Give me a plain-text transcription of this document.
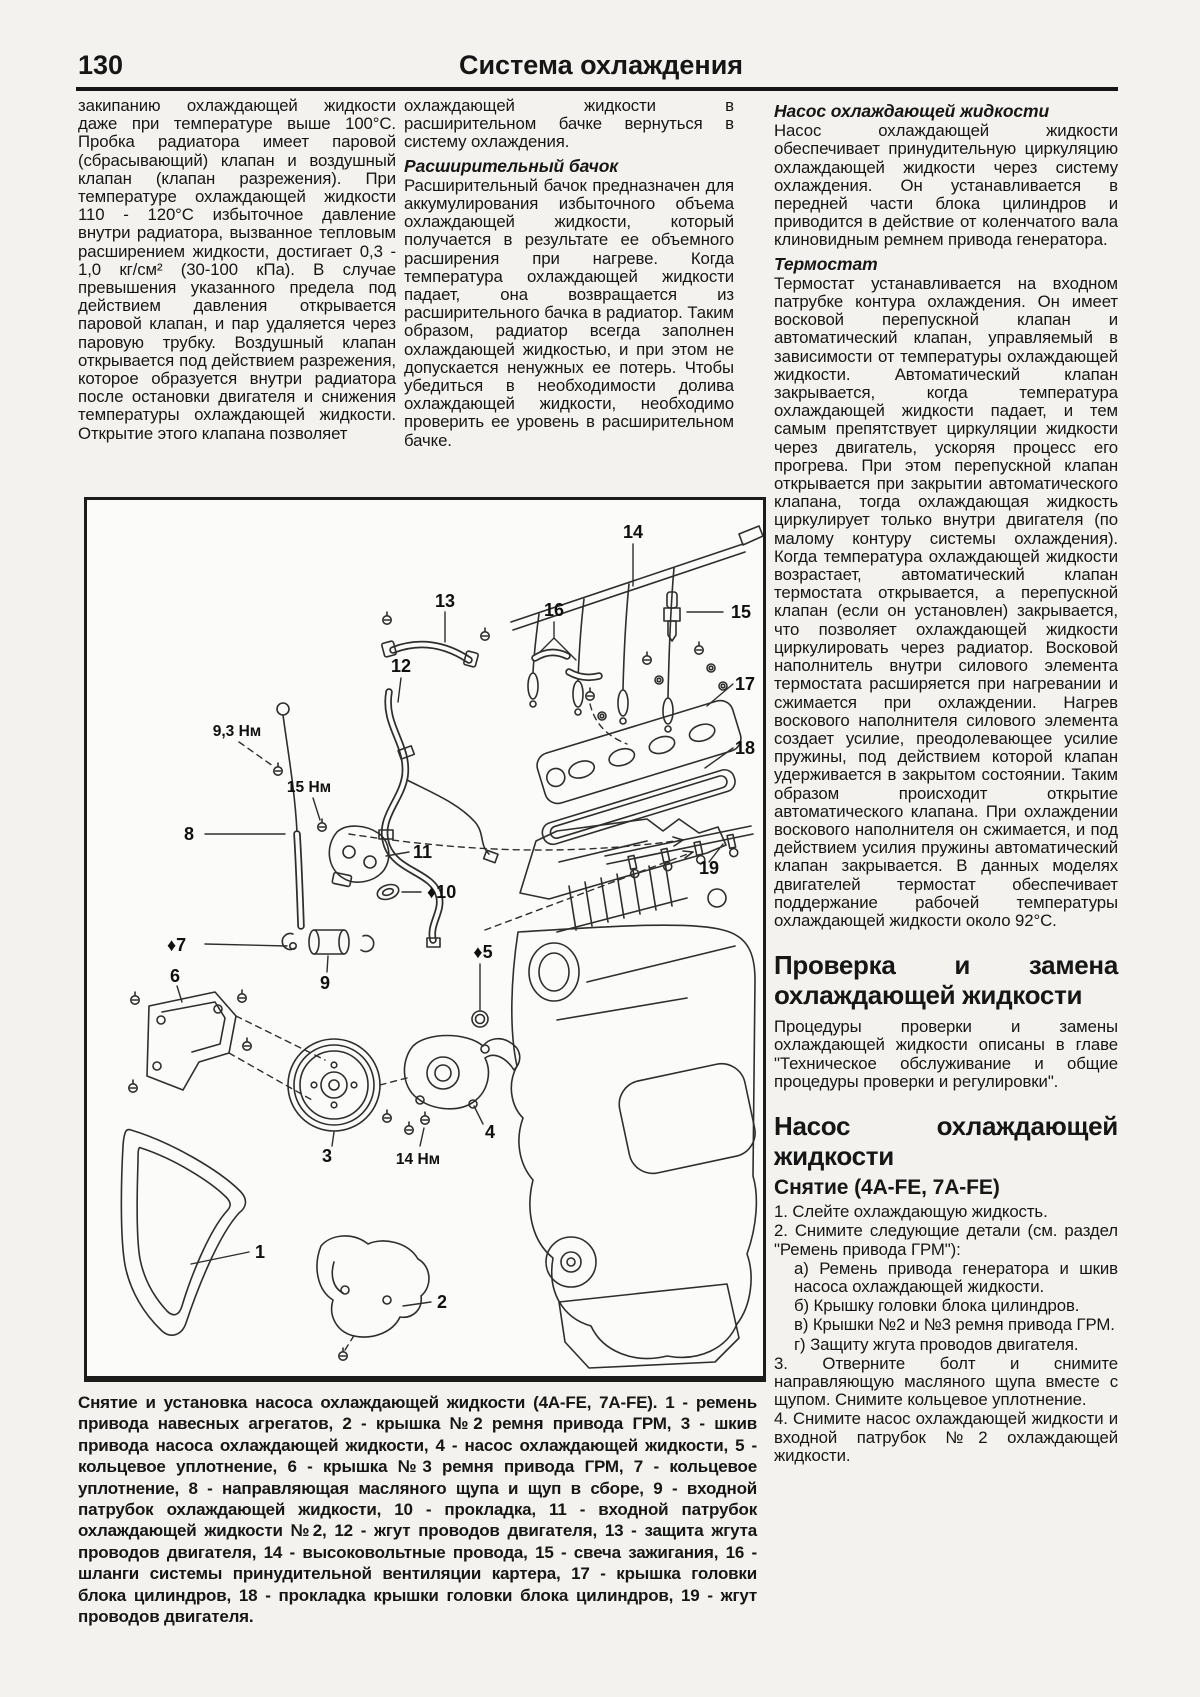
130	Система охлаждения

закипанию охлаждающей жидкости даже при температуре выше 100°С. Пробка радиатора имеет паровой (сбрасывающий) клапан и воздушный клапан (клапан разрежения). При температуре охлаждающей жидкости 110 - 120°С избыточное давление внутри радиатора, вызванное тепловым расширением жидкости, достигает 0,3 - 1,0 кг/см² (30-100 кПа). В случае превышения указанного предела под действием давления открывается паровой клапан, и пар удаляется через паровую трубку. Воздушный клапан открывается под действием разрежения, которое образуется внутри радиатора после остановки двигателя и снижения температуры охлаждающей жидкости. Открытие этого клапана позволяет

охлаждающей жидкости в расширительном бачке вернуться в систему охлаждения.

Расширительный бачок

Расширительный бачок предназначен для аккумулирования избыточного объема охлаждающей жидкости, который получается в результате ее объемного расширения при нагреве. Когда температура охлаждающей жидкости падает, она возвращается из расширительного бачка в радиатор. Таким образом, радиатор всегда заполнен охлаждающей жидкостью, и при этом не допускается ненужных ее потерь. Чтобы убедиться в необходимости долива охлаждающей жидкости, необходимо проверить ее уровень в расширительном бачке.

Насос охлаждающей жидкости

Насос охлаждающей жидкости обеспечивает принудительную циркуляцию охлаждающей жидкости через систему охлаждения. Он устанавливается в передней части блока цилиндров и приводится в действие от коленчатого вала клиновидным ремнем привода генератора.

Термостат

Термостат устанавливается на входном патрубке контура охлаждения. Он имеет восковой перепускной клапан и автоматический клапан, управляемый в зависимости от температуры охлаждающей жидкости. Автоматический клапан закрывается, когда температура охлаждающей жидкости падает, и тем самым препятствует циркуляции жидкости через двигатель, ускоряя процесс его прогрева. При этом перепускной клапан открывается при закрытии автоматического клапана, тогда охлаждающая жидкость циркулирует только внутри двигателя (по малому контуру системы охлаждения). Когда температура охлаждающей жидкости возрастает, автоматический клапан термостата открывается, а перепускной клапан (если он установлен) закрывается, что позволяет охлаждающей жидкости циркулировать через радиатор. Восковой наполнитель внутри силового элемента термостата расширяется при нагревании и сжимается при охлаждении. Нагрев воскового наполнителя силового элемента создает усилие, преодолевающее усилие пружины, под действием которой клапан удерживается в закрытом состоянии. Таким образом происходит открытие автоматического клапана. При охлаждении воскового наполнителя он сжимается, и под действием усилия пружины автоматический клапан закрывается. В данных моделях двигателей термостат обеспечивает поддержание рабочей температуры охлаждающей жидкости около 92°С.

Проверка и замена охлаждающей жидкости

Процедуры проверки и замены охлаждающей жидкости описаны в главе "Техническое обслуживание и общие процедуры проверки и регулировки".

Насос охлаждающей жидкости
Снятие (4A-FE, 7A-FE)
1. Слейте охлаждающую жидкость.
2. Снимите следующие детали (см. раздел "Ремень привода ГРМ"):
а) Ремень привода генератора и шкив насоса охлаждающей жидкости.
б) Крышку головки блока цилиндров.
в) Крышки №2 и №3 ремня привода ГРМ.
г) Защиту жгута проводов двигателя.
3. Отверните болт и снимите направляющую масляного щупа вместе с щупом. Снимите кольцевое уплотнение.
4. Снимите насос охлаждающей жидкости и входной патрубок №2 охлаждающей жидкости.
1
2
3
4
♦5
6
♦7
8
9
♦10
11
12
13
14
15
16
17
18
19
9,3 Нм
15 Нм
14 Нм
Снятие и установка насоса охлаждающей жидкости (4A-FE, 7A-FE). 1 - ремень привода навесных агрегатов, 2 - крышка №2 ремня привода ГРМ, 3 - шкив привода насоса охлаждающей жидкости, 4 - насос охлаждающей жидкости, 5 - кольцевое уплотнение, 6 - крышка №3 ремня привода ГРМ, 7 - кольцевое уплотнение, 8 - направляющая масляного щупа и щуп в сборе, 9 - входной патрубок охлаждающей жидкости, 10 - прокладка, 11 - входной патрубок охлаждающей жидкости №2, 12 - жгут проводов двигателя, 13 - защита жгута проводов двигателя, 14 - высоковольтные провода, 15 - свеча зажигания, 16 - шланги системы принудительной вентиляции картера, 17 - крышка головки блока цилиндров, 18 - прокладка крышки головки блока цилиндров, 19 - жгут проводов двигателя.
